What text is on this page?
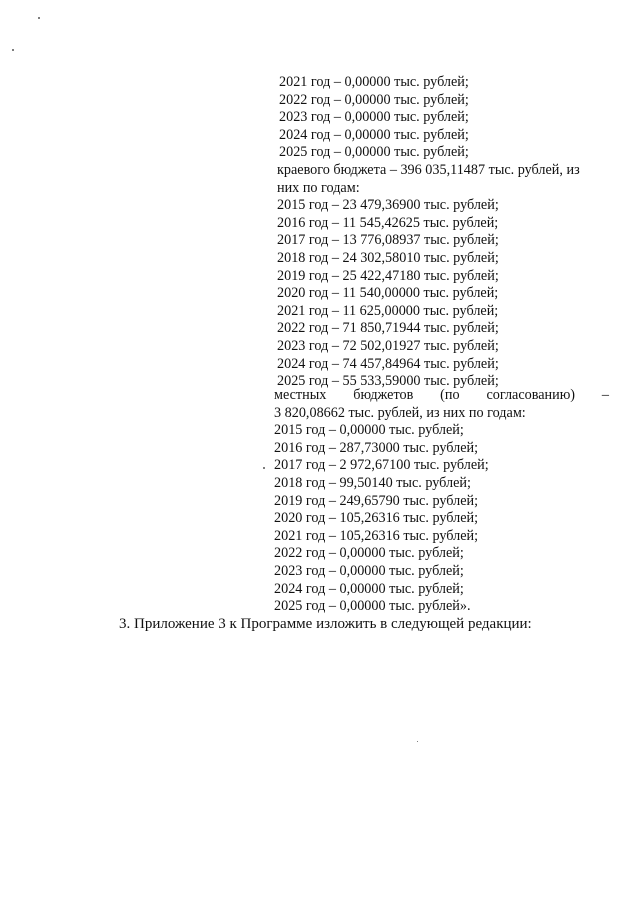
2021 год – 0,00000 тыс. рублей;
2022 год – 0,00000 тыс. рублей;
2023 год – 0,00000 тыс. рублей;
2024 год – 0,00000 тыс. рублей;
2025 год – 0,00000 тыс. рублей;
краевого бюджета – 396 035,11487 тыс. рублей, из
них по годам:
2015 год – 23 479,36900 тыс. рублей;
2016 год – 11 545,42625 тыс. рублей;
2017 год – 13 776,08937 тыс. рублей;
2018 год – 24 302,58010 тыс. рублей;
2019 год – 25 422,47180 тыс. рублей;
2020 год – 11 540,00000 тыс. рублей;
2021 год – 11 625,00000 тыс. рублей;
2022 год – 71 850,71944 тыс. рублей;
2023 год – 72 502,01927 тыс. рублей;
2024 год – 74 457,84964 тыс. рублей;
2025 год – 55 533,59000 тыс. рублей;
местных бюджетов (по согласованию) –
3 820,08662 тыс. рублей, из них по годам:
2015 год – 0,00000 тыс. рублей;
2016 год – 287,73000 тыс. рублей;
2017 год – 2 972,67100 тыс. рублей;
2018 год – 99,50140 тыс. рублей;
2019 год – 249,65790 тыс. рублей;
2020 год – 105,26316 тыс. рублей;
2021 год – 105,26316 тыс. рублей;
2022 год – 0,00000 тыс. рублей;
2023 год – 0,00000 тыс. рублей;
2024 год – 0,00000 тыс. рублей;
2025 год – 0,00000 тыс. рублей».
3. Приложение 3 к Программе изложить в следующей редакции:
